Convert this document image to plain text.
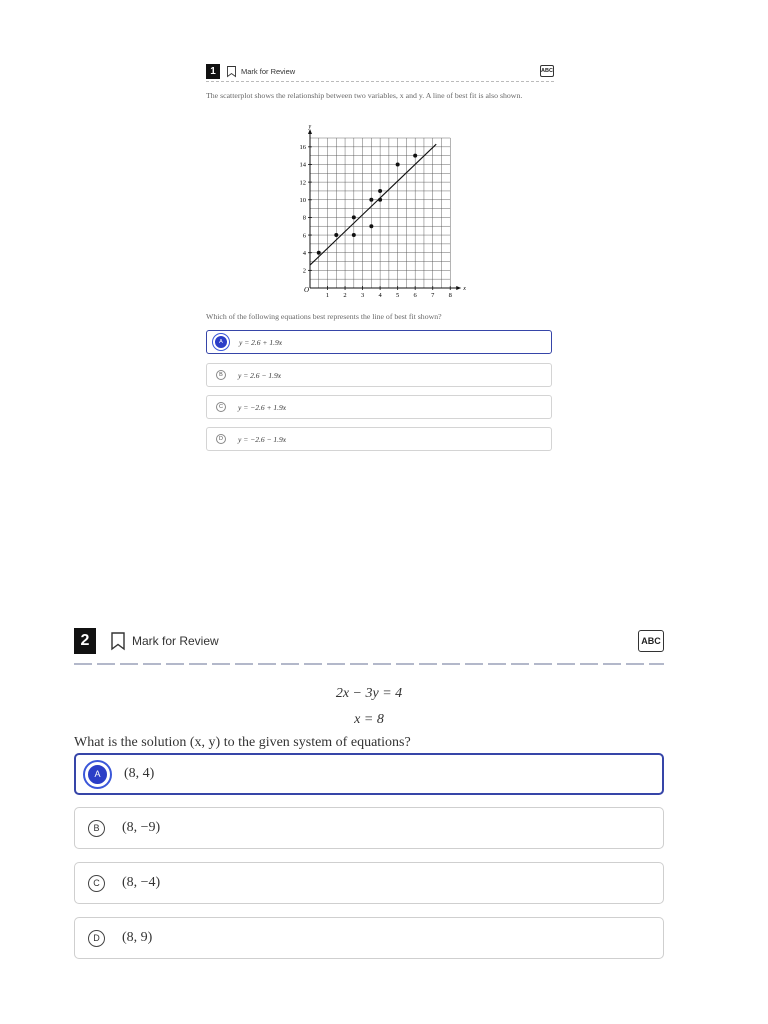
1	Mark for Review	ABC
The scatterplot shows the relationship between two variables, x and y. A line of best fit is also shown.
x
y
O
1 2 3 4 5 6 7 8
2
4
6
8
10
12
14
16
Which of the following equations best represents the line of best fit shown?
A	y = 2.6 + 1.9x
B	y = 2.6 − 1.9x
C	y = −2.6 + 1.9x
D	y = −2.6 − 1.9x
2	Mark for Review	ABC
2x − 3y = 4
x = 8
What is the solution (x, y) to the given system of equations?
A	(8, 4)
B	(8, −9)
C	(8, −4)
D	(8, 9)
